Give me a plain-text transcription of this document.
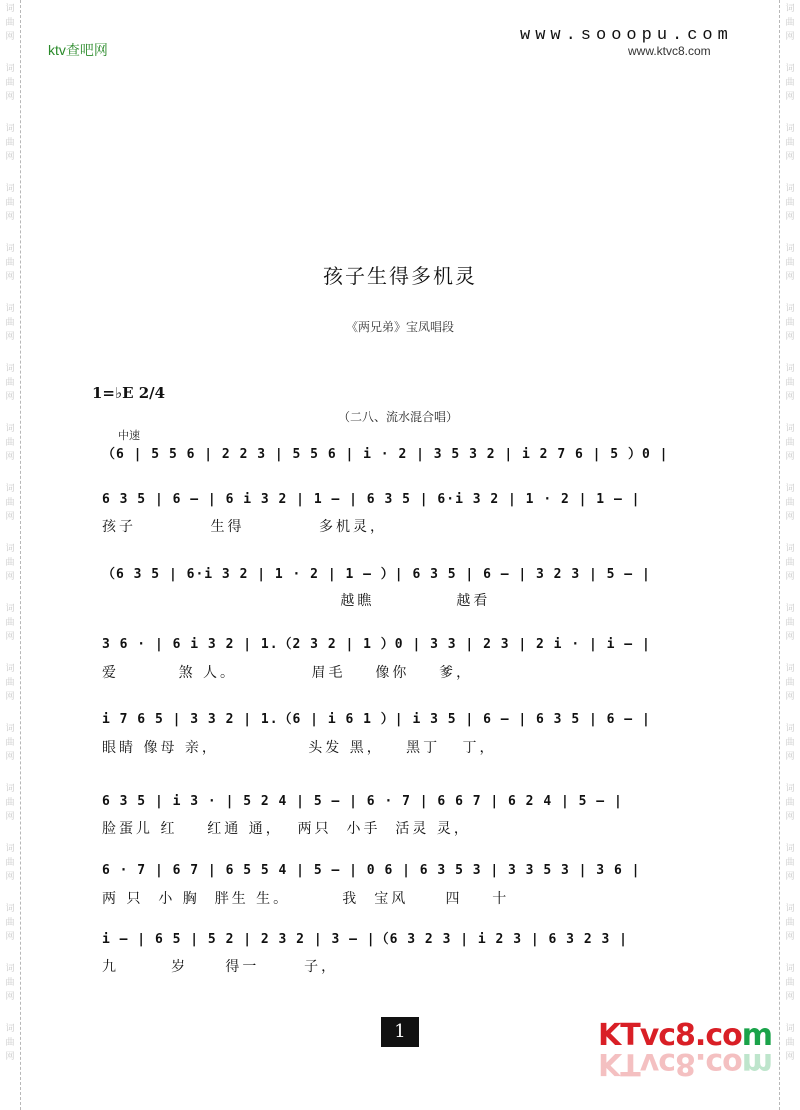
词
曲
网
词
曲
网
词
曲
网
词
曲
网
词
曲
网
词
曲
网
词
曲
网
词
曲
网
词
曲
网
词
曲
网
词
曲
网
词
曲
网
词
曲
网
词
曲
网
词
曲
网
词
曲
网
词
曲
网
词
曲
网
词
曲
网
词
曲
网
词
曲
网
词
曲
网
词
曲
网
词
曲
网
词
曲
网
词
曲
网
词
曲
网
词
曲
网
词
曲
网
词
曲
网
词
曲
网
词
曲
网
词
曲
网
词
曲
网
词
曲
网
词
曲
网
ktv查吧网
www.sooopu.com
www.ktvc8.com
孩子生得多机灵
《两兄弟》宝凤唱段
1=♭E 2/4
（二八、流水混合唱）
中速
（6 | 5 5 6 | 2 2 3 | 5 5 6 | i · 2 | 3 5 3 2 | i 2 7 6 | 5 ）0 |
6 3 5 | 6 — | 6 i 3 2 | 1 — | 6 3 5 | 6·i 3 2 | 1 · 2 | 1 — |
孩子          生得          多机灵，
（6 3 5 | 6·i 3 2 | 1 · 2 | 1 — ）| 6 3 5 | 6 — | 3 2 3 | 5 — |
越瞧           越看
3 6 · | 6 i 3 2 | 1.（2 3 2 | 1 ）0 | 3 3 | 2 3 | 2 i · | i — |
爱        煞 人。          眉毛    像你    爹，
i 7 6 5 | 3 3 2 | 1.（6 | i 6 1 ）| i 3 5 | 6 — | 6 3 5 | 6 — |
眼睛 像母 亲，            头发 黑，   黑丁   丁，
6 3 5 | i 3 · | 5 2 4 | 5 — | 6 · 7 | 6 6 7 | 6 2 4 | 5 — |
脸蛋儿 红    红通 通，  两只  小手  活灵 灵，
6 · 7 | 6 7 | 6 5 5 4 | 5 — | 0 6 | 6 3 5 3 | 3 3 5 3 | 3 6 |
两 只  小 胸  胖生 生。       我  宝风     四    十
i — | 6 5 | 5 2 | 2 3 2 | 3 — |（6 3 2 3 | i 2 3 | 6 3 2 3 |
九       岁     得一      子，
1	KTvc8.com
KTvc8.com
